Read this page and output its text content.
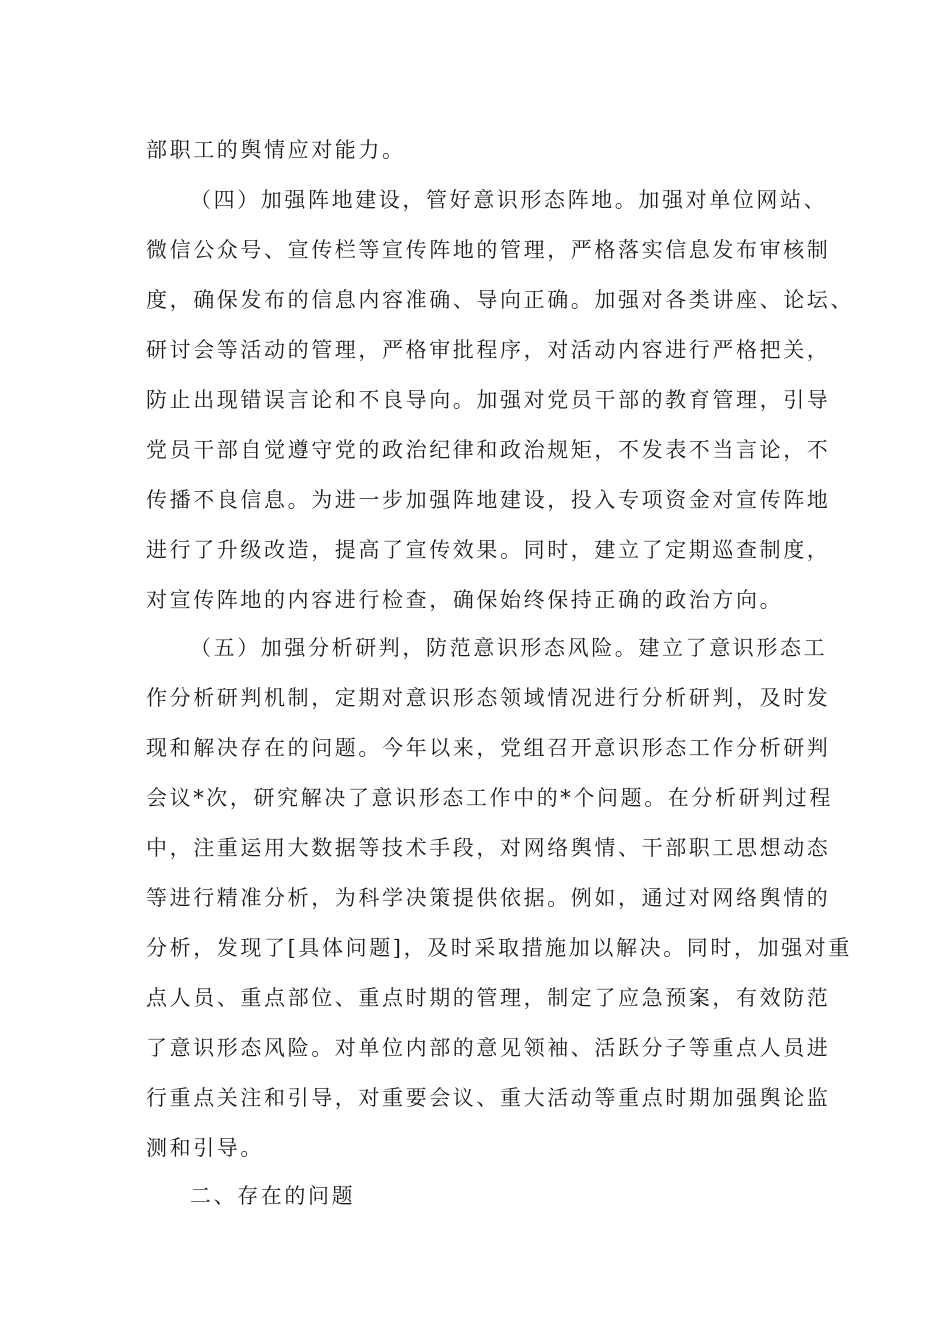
部职工的舆情应对能力。
（四）加强阵地建设，管好意识形态阵地。加强对单位网站、
微信公众号、宣传栏等宣传阵地的管理，严格落实信息发布审核制
度，确保发布的信息内容准确、导向正确。加强对各类讲座、论坛、
研讨会等活动的管理，严格审批程序，对活动内容进行严格把关，
防止出现错误言论和不良导向。加强对党员干部的教育管理，引导
党员干部自觉遵守党的政治纪律和政治规矩，不发表不当言论，不
传播不良信息。为进一步加强阵地建设，投入专项资金对宣传阵地
进行了升级改造，提高了宣传效果。同时，建立了定期巡查制度，
对宣传阵地的内容进行检查，确保始终保持正确的政治方向。
（五）加强分析研判，防范意识形态风险。建立了意识形态工
作分析研判机制，定期对意识形态领域情况进行分析研判，及时发
现和解决存在的问题。今年以来，党组召开意识形态工作分析研判
会议*次，研究解决了意识形态工作中的*个问题。在分析研判过程
中，注重运用大数据等技术手段，对网络舆情、干部职工思想动态
等进行精准分析，为科学决策提供依据。例如，通过对网络舆情的
分析，发现了[具体问题]，及时采取措施加以解决。同时，加强对重
点人员、重点部位、重点时期的管理，制定了应急预案，有效防范
了意识形态风险。对单位内部的意见领袖、活跃分子等重点人员进
行重点关注和引导，对重要会议、重大活动等重点时期加强舆论监
测和引导。
二、存在的问题
